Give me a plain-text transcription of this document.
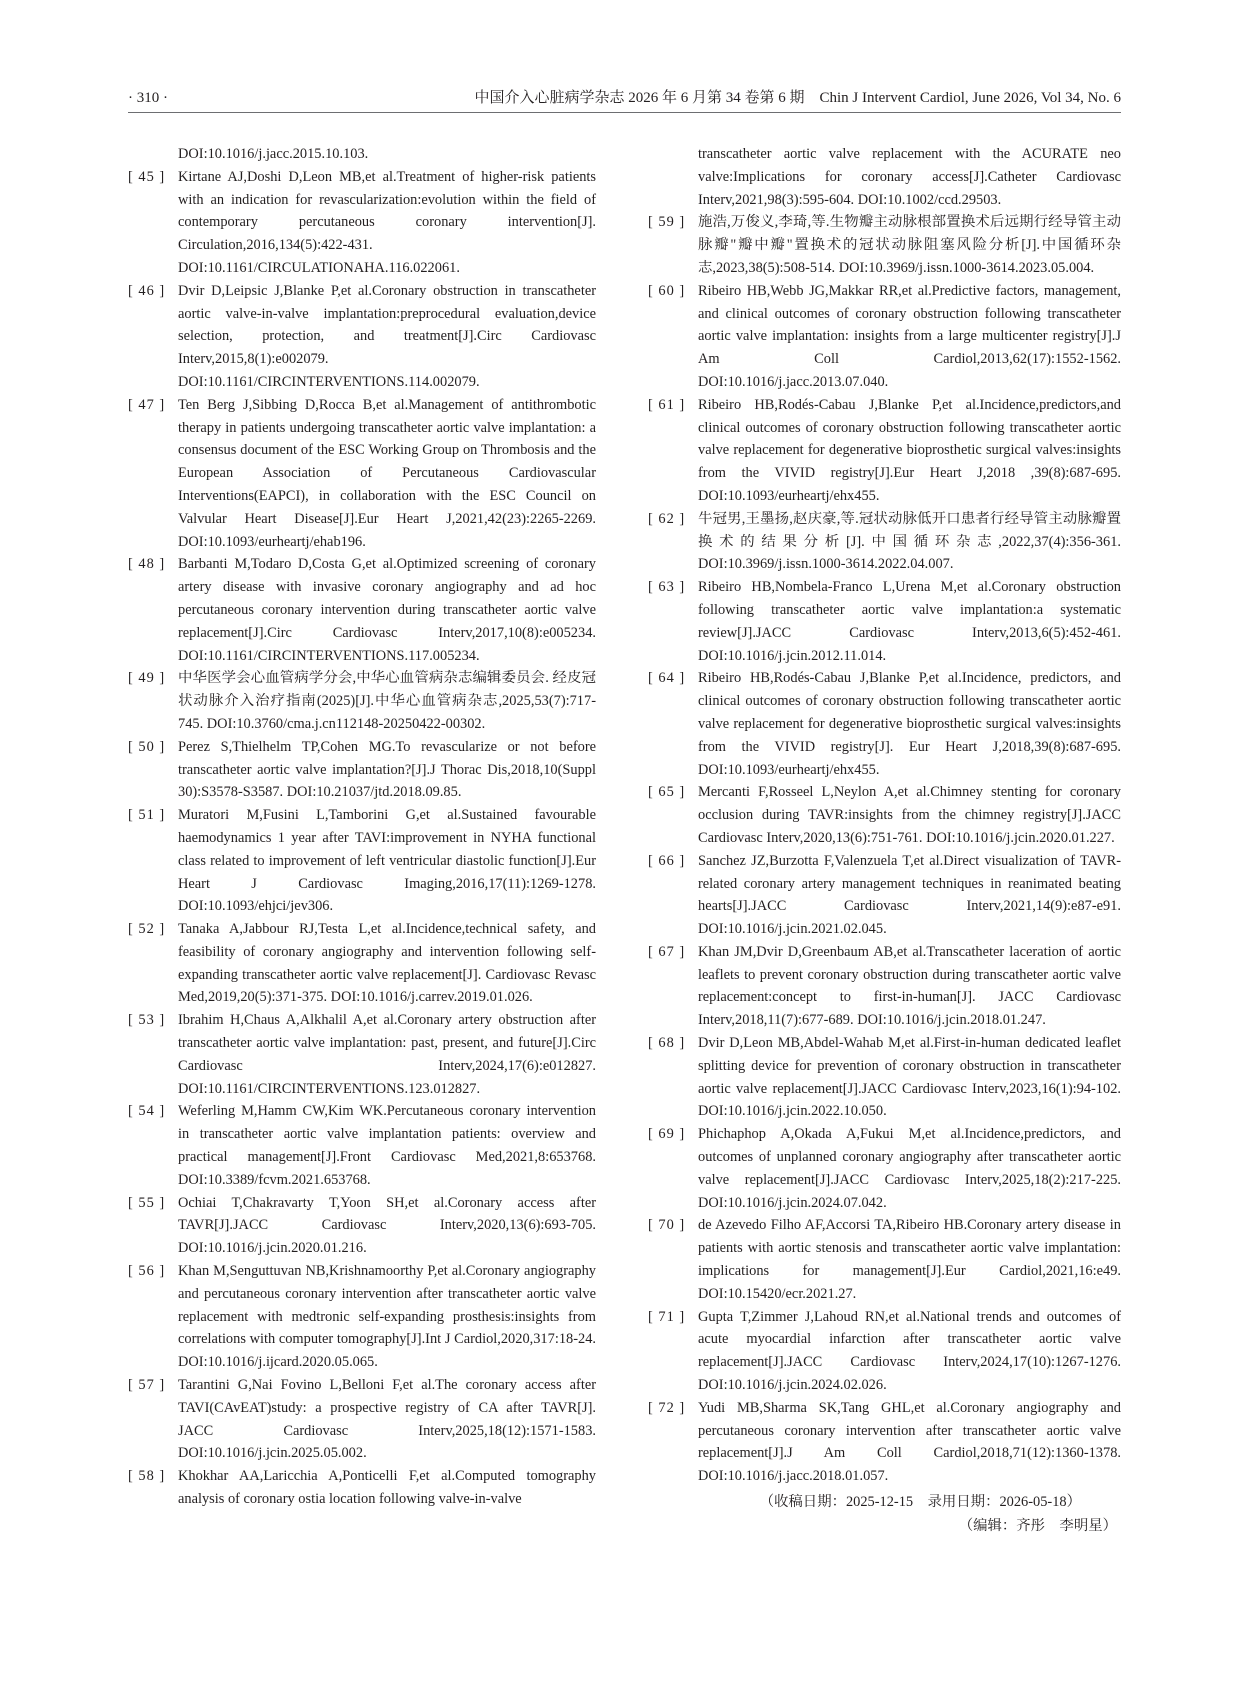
· 310 ·	中国介入心脏病学杂志 2026 年 6 月第 34 卷第 6 期　Chin J Intervent Cardiol, June 2026, Vol 34, No. 6
DOI:10.1016/j.jacc.2015.10.103.
[ 45 ] Kirtane AJ,Doshi D,Leon MB,et al.Treatment of higher-risk patients with an indication for revascularization:evolution within the field of contemporary percutaneous coronary intervention[J]. Circulation,2016,134(5):422-431. DOI:10.1161/CIRCULATIONAHA.116.022061.
[ 46 ] Dvir D,Leipsic J,Blanke P,et al.Coronary obstruction in transcatheter aortic valve-in-valve implantation:preprocedural evaluation,device selection, protection, and treatment[J].Circ Cardiovasc Interv,2015,8(1):e002079. DOI:10.1161/CIRCINTERVENTIONS.114.002079.
[ 47 ] Ten Berg J,Sibbing D,Rocca B,et al.Management of antithrombotic therapy in patients undergoing transcatheter aortic valve implantation: a consensus document of the ESC Working Group on Thrombosis and the European Association of Percutaneous Cardiovascular Interventions(EAPCI), in collaboration with the ESC Council on Valvular Heart Disease[J].Eur Heart J,2021,42(23):2265-2269. DOI:10.1093/eurheartj/ehab196.
[ 48 ] Barbanti M,Todaro D,Costa G,et al.Optimized screening of coronary artery disease with invasive coronary angiography and ad hoc percutaneous coronary intervention during transcatheter aortic valve replacement[J].Circ Cardiovasc Interv,2017,10(8):e005234. DOI:10.1161/CIRCINTERVENTIONS.117.005234.
[ 49 ] 中华医学会心血管病学分会,中华心血管病杂志编辑委员会. 经皮冠状动脉介入治疗指南(2025)[J].中华心血管病杂志,2025,53(7):717-745. DOI:10.3760/cma.j.cn112148-20250422-00302.
[ 50 ] Perez S,Thielhelm TP,Cohen MG.To revascularize or not before transcatheter aortic valve implantation?[J].J Thorac Dis,2018,10(Suppl 30):S3578-S3587. DOI:10.21037/jtd.2018.09.85.
[ 51 ] Muratori M,Fusini L,Tamborini G,et al.Sustained favourable haemodynamics 1 year after TAVI:improvement in NYHA functional class related to improvement of left ventricular diastolic function[J].Eur Heart J Cardiovasc Imaging,2016,17(11):1269-1278. DOI:10.1093/ehjci/jev306.
[ 52 ] Tanaka A,Jabbour RJ,Testa L,et al.Incidence,technical safety, and feasibility of coronary angiography and intervention following self-expanding transcatheter aortic valve replacement[J]. Cardiovasc Revasc Med,2019,20(5):371-375. DOI:10.1016/j.carrev.2019.01.026.
[ 53 ] Ibrahim H,Chaus A,Alkhalil A,et al.Coronary artery obstruction after transcatheter aortic valve implantation: past, present, and future[J].Circ Cardiovasc Interv,2024,17(6):e012827. DOI:10.1161/CIRCINTERVENTIONS.123.012827.
[ 54 ] Weferling M,Hamm CW,Kim WK.Percutaneous coronary intervention in transcatheter aortic valve implantation patients: overview and practical management[J].Front Cardiovasc Med,2021,8:653768. DOI:10.3389/fcvm.2021.653768.
[ 55 ] Ochiai T,Chakravarty T,Yoon SH,et al.Coronary access after TAVR[J].JACC Cardiovasc Interv,2020,13(6):693-705. DOI:10.1016/j.jcin.2020.01.216.
[ 56 ] Khan M,Senguttuvan NB,Krishnamoorthy P,et al.Coronary angiography and percutaneous coronary intervention after transcatheter aortic valve replacement with medtronic self-expanding prosthesis:insights from correlations with computer tomography[J].Int J Cardiol,2020,317:18-24. DOI:10.1016/j.ijcard.2020.05.065.
[ 57 ] Tarantini G,Nai Fovino L,Belloni F,et al.The coronary access after TAVI(CAvEAT)study: a prospective registry of CA after TAVR[J]. JACC Cardiovasc Interv,2025,18(12):1571-1583. DOI:10.1016/j.jcin.2025.05.002.
[ 58 ] Khokhar AA,Laricchia A,Ponticelli F,et al.Computed tomography analysis of coronary ostia location following valve-in-valve
transcatheter aortic valve replacement with the ACURATE neo valve:Implications for coronary access[J].Catheter Cardiovasc Interv,2021,98(3):595-604. DOI:10.1002/ccd.29503.
[ 59 ] 施浩,万俊义,李琦,等.生物瓣主动脉根部置换术后远期行经导管主动脉瓣"瓣中瓣"置换术的冠状动脉阻塞风险分析[J].中国循环杂志,2023,38(5):508-514. DOI:10.3969/j.issn.1000-3614.2023.05.004.
[ 60 ] Ribeiro HB,Webb JG,Makkar RR,et al.Predictive factors, management, and clinical outcomes of coronary obstruction following transcatheter aortic valve implantation: insights from a large multicenter registry[J].J Am Coll Cardiol,2013,62(17):1552-1562. DOI:10.1016/j.jacc.2013.07.040.
[ 61 ] Ribeiro HB,Rodés-Cabau J,Blanke P,et al.Incidence,predictors,and clinical outcomes of coronary obstruction following transcatheter aortic valve replacement for degenerative bioprosthetic surgical valves:insights from the VIVID registry[J].Eur Heart J,2018 ,39(8):687-695. DOI:10.1093/eurheartj/ehx455.
[ 62 ] 牛冠男,王墨扬,赵庆豪,等.冠状动脉低开口患者行经导管主动脉瓣置换术的结果分析[J].中国循环杂志,2022,37(4):356-361. DOI:10.3969/j.issn.1000-3614.2022.04.007.
[ 63 ] Ribeiro HB,Nombela-Franco L,Urena M,et al.Coronary obstruction following transcatheter aortic valve implantation:a systematic review[J].JACC Cardiovasc Interv,2013,6(5):452-461. DOI:10.1016/j.jcin.2012.11.014.
[ 64 ] Ribeiro HB,Rodés-Cabau J,Blanke P,et al.Incidence, predictors, and clinical outcomes of coronary obstruction following transcatheter aortic valve replacement for degenerative bioprosthetic surgical valves:insights from the VIVID registry[J]. Eur Heart J,2018,39(8):687-695. DOI:10.1093/eurheartj/ehx455.
[ 65 ] Mercanti F,Rosseel L,Neylon A,et al.Chimney stenting for coronary occlusion during TAVR:insights from the chimney registry[J].JACC Cardiovasc Interv,2020,13(6):751-761. DOI:10.1016/j.jcin.2020.01.227.
[ 66 ] Sanchez JZ,Burzotta F,Valenzuela T,et al.Direct visualization of TAVR-related coronary artery management techniques in reanimated beating hearts[J].JACC Cardiovasc Interv,2021,14(9):e87-e91. DOI:10.1016/j.jcin.2021.02.045.
[ 67 ] Khan JM,Dvir D,Greenbaum AB,et al.Transcatheter laceration of aortic leaflets to prevent coronary obstruction during transcatheter aortic valve replacement:concept to first-in-human[J]. JACC Cardiovasc Interv,2018,11(7):677-689. DOI:10.1016/j.jcin.2018.01.247.
[ 68 ] Dvir D,Leon MB,Abdel-Wahab M,et al.First-in-human dedicated leaflet splitting device for prevention of coronary obstruction in transcatheter aortic valve replacement[J].JACC Cardiovasc Interv,2023,16(1):94-102. DOI:10.1016/j.jcin.2022.10.050.
[ 69 ] Phichaphop A,Okada A,Fukui M,et al.Incidence,predictors, and outcomes of unplanned coronary angiography after transcatheter aortic valve replacement[J].JACC Cardiovasc Interv,2025,18(2):217-225. DOI:10.1016/j.jcin.2024.07.042.
[ 70 ] de Azevedo Filho AF,Accorsi TA,Ribeiro HB.Coronary artery disease in patients with aortic stenosis and transcatheter aortic valve implantation: implications for management[J].Eur Cardiol,2021,16:e49. DOI:10.15420/ecr.2021.27.
[ 71 ] Gupta T,Zimmer J,Lahoud RN,et al.National trends and outcomes of acute myocardial infarction after transcatheter aortic valve replacement[J].JACC Cardiovasc Interv,2024,17(10):1267-1276. DOI:10.1016/j.jcin.2024.02.026.
[ 72 ] Yudi MB,Sharma SK,Tang GHL,et al.Coronary angiography and percutaneous coronary intervention after transcatheter aortic valve replacement[J].J Am Coll Cardiol,2018,71(12):1360-1378. DOI:10.1016/j.jacc.2018.01.057.
（收稿日期：2025-12-15　录用日期：2026-05-18）
（编辑：齐彤　李明星）
